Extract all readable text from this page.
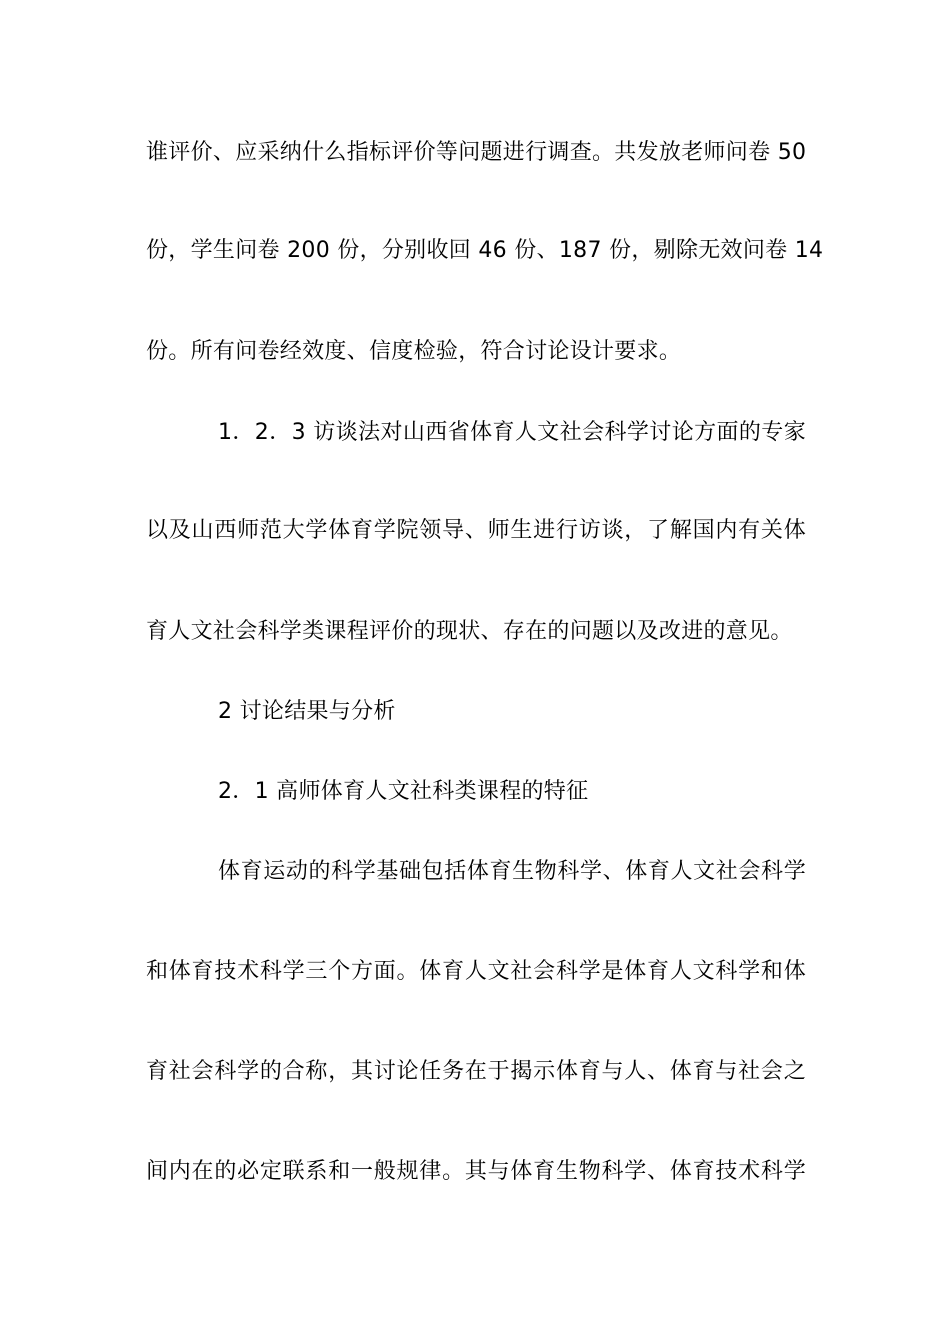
谁评价、应采纳什么指标评价等问题进行调查。共发放老师问卷 50
份，学生问卷 200 份，分别收回 46 份、187 份，剔除无效问卷 14
份。所有问卷经效度、信度检验，符合讨论设计要求。
1．2．3 访谈法对山西省体育人文社会科学讨论方面的专家
以及山西师范大学体育学院领导、师生进行访谈，了解国内有关体
育人文社会科学类课程评价的现状、存在的问题以及改进的意见。
2 讨论结果与分析
2．1 高师体育人文社科类课程的特征
体育运动的科学基础包括体育生物科学、体育人文社会科学
和体育技术科学三个方面。体育人文社会科学是体育人文科学和体
育社会科学的合称，其讨论任务在于揭示体育与人、体育与社会之
间内在的必定联系和一般规律。其与体育生物科学、体育技术科学
